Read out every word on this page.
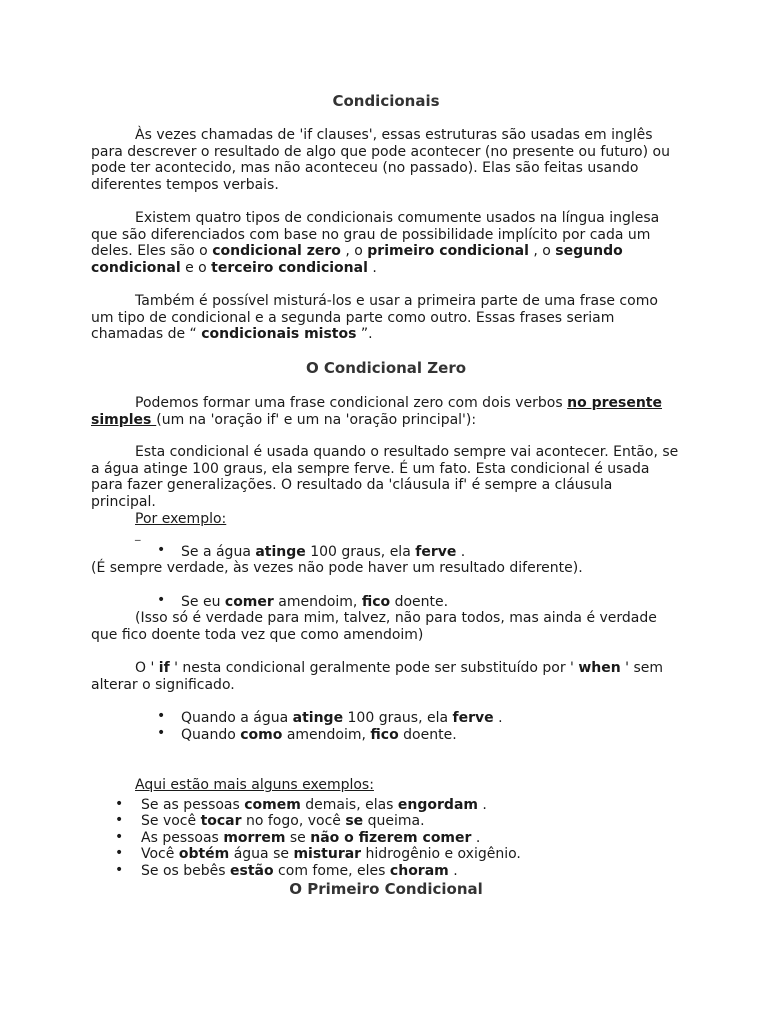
Condicionais

Às vezes chamadas de 'if clauses', essas estruturas são usadas em inglês para descrever o resultado de algo que pode acontecer (no presente ou futuro) ou pode ter acontecido, mas não aconteceu (no passado). Elas são feitas usando diferentes tempos verbais.

Existem quatro tipos de condicionais comumente usados na língua inglesa que são diferenciados com base no grau de possibilidade implícito por cada um deles. Eles são o condicional zero , o primeiro condicional , o segundo condicional e o terceiro condicional .

Também é possível misturá-los e usar a primeira parte de uma frase como um tipo de condicional e a segunda parte como outro. Essas frases seriam chamadas de “ condicionais mistos ”.

O Condicional Zero

Podemos formar uma frase condicional zero com dois verbos no presente simples (um na 'oração if' e um na 'oração principal'):

Esta condicional é usada quando o resultado sempre vai acontecer. Então, se a água atinge 100 graus, ela sempre ferve. É um fato. Esta condicional é usada para fazer generalizações. O resultado da 'cláusula if' é sempre a cláusula principal.

Por exemplo:
_
• Se a água atinge 100 graus, ela ferve .

(É sempre verdade, às vezes não pode haver um resultado diferente).

• Se eu comer amendoim, fico doente.

(Isso só é verdade para mim, talvez, não para todos, mas ainda é verdade que fico doente toda vez que como amendoim)

O ' if ' nesta condicional geralmente pode ser substituído por ' when ' sem alterar o significado.

• Quando a água atinge 100 graus, ela ferve .
• Quando como amendoim, fico doente.
Aqui estão mais alguns exemplos:
• Se as pessoas comem demais, elas engordam .
• Se você tocar no fogo, você se queima.
• As pessoas morrem se não o fizerem comer .
• Você obtém água se misturar hidrogênio e oxigênio.
• Se os bebês estão com fome, eles choram .
O Primeiro Condicional
